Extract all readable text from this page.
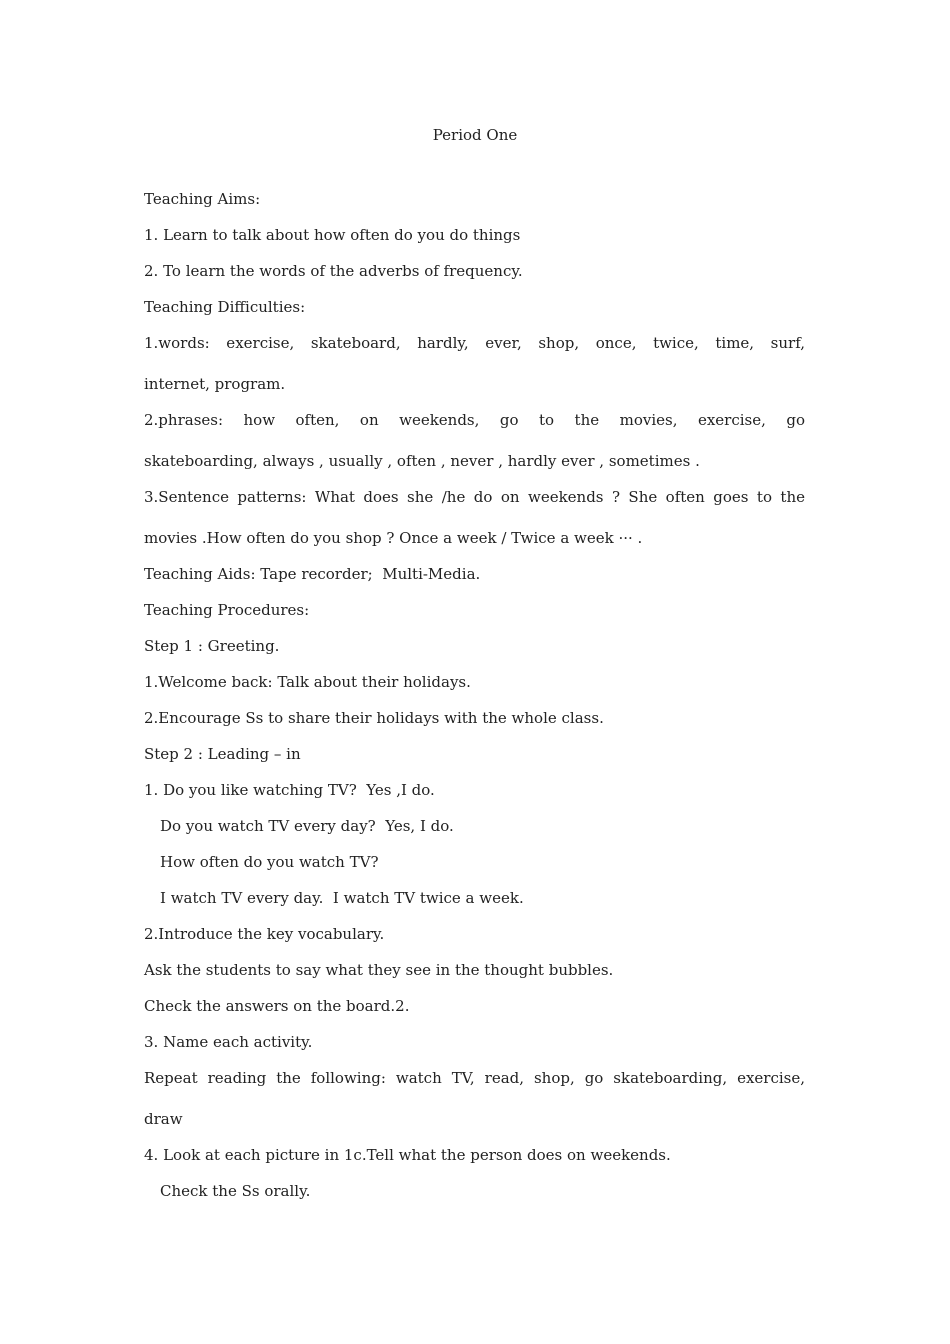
Period One
Teaching Aims:
1. Learn to talk about how often do you do things
2. To learn the words of the adverbs of frequency.
Teaching Difficulties:
1.words: exercise, skateboard, hardly, ever, shop, once, twice, time, surf,
internet, program.
2.phrases: how often, on weekends, go to the movies, exercise, go
skateboarding, always , usually , often , never , hardly ever , sometimes .
3.Sentence patterns: What does she /he do on weekends ? She often goes to the
movies .How often do you shop ? Once a week / Twice a week ··· .
Teaching Aids: Tape recorder;  Multi-Media.
Teaching Procedures:
Step 1 : Greeting.
1.Welcome back: Talk about their holidays.
2.Encourage Ss to share their holidays with the whole class.
Step 2 : Leading – in
1. Do you like watching TV?  Yes ,I do.
Do you watch TV every day?  Yes, I do.
How often do you watch TV?
I watch TV every day.  I watch TV twice a week.
2.Introduce the key vocabulary.
Ask the students to say what they see in the thought bubbles.
Check the answers on the board.2.
3. Name each activity.
Repeat reading the following: watch TV, read, shop, go skateboarding, exercise,
draw
4. Look at each picture in 1c.Tell what the person does on weekends.
Check the Ss orally.
